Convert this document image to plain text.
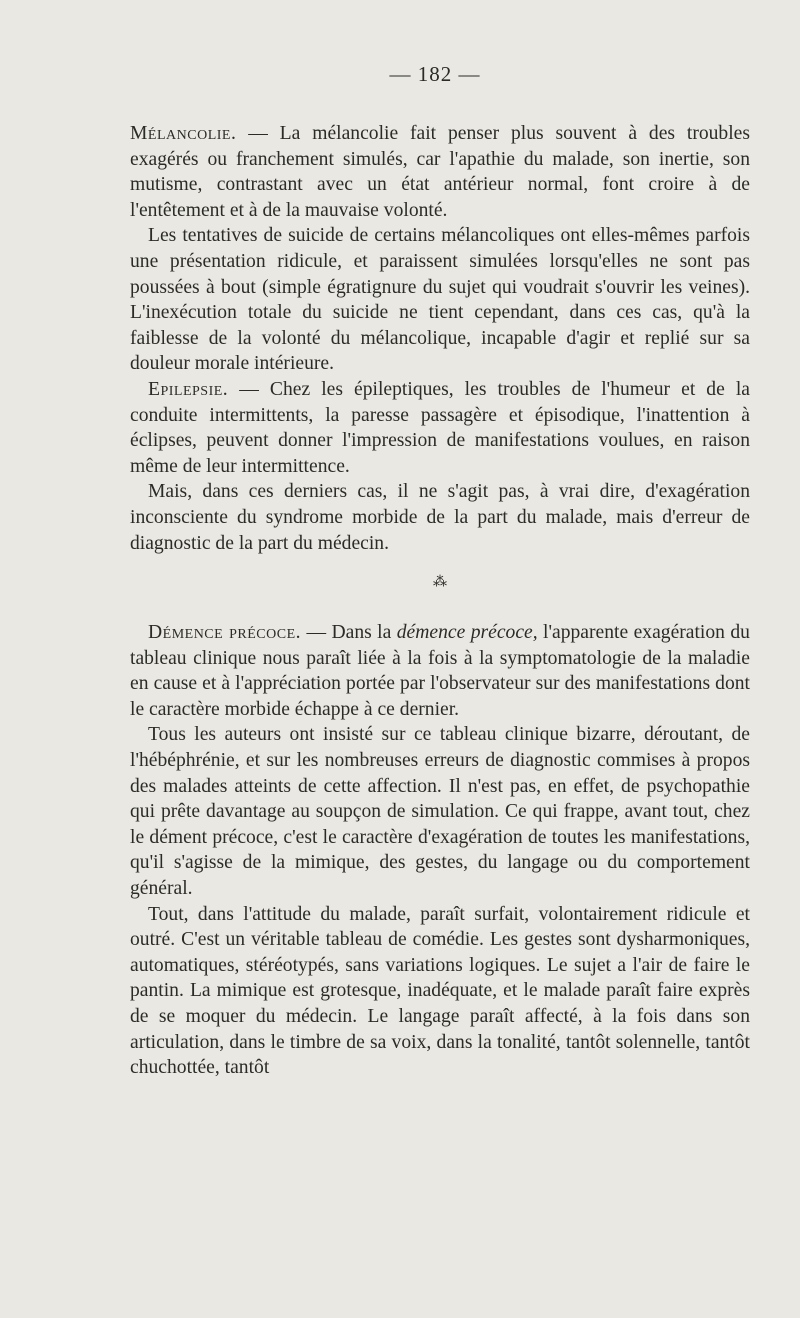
— 182 —

Mélancolie. — La mélancolie fait penser plus souvent à des troubles exagérés ou franchement simulés, car l'apathie du malade, son inertie, son mutisme, contrastant avec un état antérieur normal, font croire à de l'entêtement et à de la mauvaise volonté.

Les tentatives de suicide de certains mélancoliques ont elles-mêmes parfois une présentation ridicule, et paraissent simulées lorsqu'elles ne sont pas poussées à bout (simple égratignure du sujet qui voudrait s'ouvrir les veines). L'inexécution totale du suicide ne tient cependant, dans ces cas, qu'à la faiblesse de la volonté du mélancolique, incapable d'agir et replié sur sa douleur morale intérieure.

Epilepsie. — Chez les épileptiques, les troubles de l'humeur et de la conduite intermittents, la paresse passagère et épisodique, l'inattention à éclipses, peuvent donner l'impression de manifestations voulues, en raison même de leur intermittence.

Mais, dans ces derniers cas, il ne s'agit pas, à vrai dire, d'exagération inconsciente du syndrome morbide de la part du malade, mais d'erreur de diagnostic de la part du médecin.

⁂

Démence précoce. — Dans la démence précoce, l'apparente exagération du tableau clinique nous paraît liée à la fois à la symptomatologie de la maladie en cause et à l'appréciation portée par l'observateur sur des manifestations dont le caractère morbide échappe à ce dernier.

Tous les auteurs ont insisté sur ce tableau clinique bizarre, déroutant, de l'hébéphrénie, et sur les nombreuses erreurs de diagnostic commises à propos des malades atteints de cette affection. Il n'est pas, en effet, de psychopathie qui prête davantage au soupçon de simulation. Ce qui frappe, avant tout, chez le dément précoce, c'est le caractère d'exagération de toutes les manifestations, qu'il s'agisse de la mimique, des gestes, du langage ou du comportement général.

Tout, dans l'attitude du malade, paraît surfait, volontairement ridicule et outré. C'est un véritable tableau de comédie. Les gestes sont dysharmoniques, automatiques, stéréotypés, sans variations logiques. Le sujet a l'air de faire le pantin. La mimique est grotesque, inadéquate, et le malade paraît faire exprès de se moquer du médecin. Le langage paraît affecté, à la fois dans son articulation, dans le timbre de sa voix, dans la tonalité, tantôt solennelle, tantôt chuchottée, tantôt
